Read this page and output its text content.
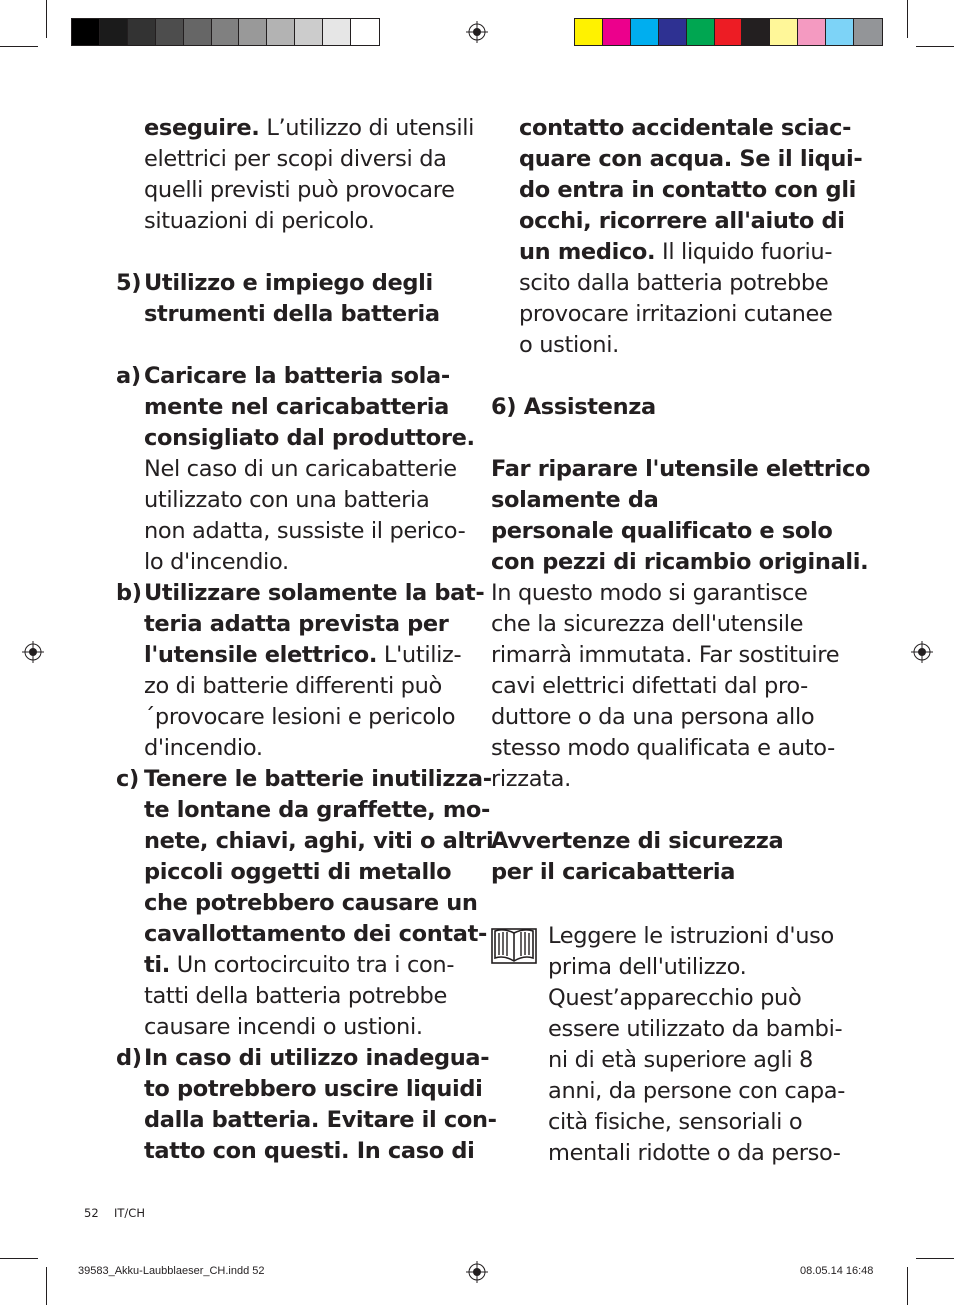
eseguire. L’utilizzo di utensili
elettrici per scopi diversi da
quelli previsti può provocare
situazioni di pericolo.
5) Utilizzo e impiego degli
strumenti della batteria
a) Caricare la batteria sola-
mente nel caricabatteria
consigliato dal produttore.
Nel caso di un caricabatterie
utilizzato con una batteria
non adatta, sussiste il perico-
lo d'incendio.
b) Utilizzare solamente la bat-
teria adatta prevista per
l'utensile elettrico. L'utiliz-
zo di batterie differenti può
´provocare lesioni e pericolo
d'incendio.
c) Tenere le batterie inutilizza-
te lontane da graffette, mo-
nete, chiavi, aghi, viti o altri
piccoli oggetti di metallo
che potrebbero causare un
cavallottamento dei contat-
ti. Un cortocircuito tra i con-
tatti della batteria potrebbe
causare incendi o ustioni.
d) In caso di utilizzo inadegua-
to potrebbero uscire liquidi
dalla batteria. Evitare il con-
tatto con questi. In caso di
contatto accidentale sciac-
quare con acqua. Se il liqui-
do entra in contatto con gli
occhi, ricorrere all'aiuto di
un medico. Il liquido fuoriu-
scito dalla batteria potrebbe
provocare irritazioni cutanee
o ustioni.
6) Assistenza
Far riparare l'utensile elettrico
solamente da
personale qualificato e solo
con pezzi di ricambio originali.
In questo modo si garantisce
che la sicurezza dell'utensile
rimarrà immutata. Far sostituire
cavi elettrici difettati dal pro-
duttore o da una persona allo
stesso modo qualificata e auto-
rizzata.
Avvertenze di sicurezza
per il caricabatteria
Leggere le istruzioni d'uso
prima dell'utilizzo.
Quest’apparecchio può
essere utilizzato da bambi-
ni di età superiore agli 8
anni, da persone con capa-
cità fisiche, sensoriali o
mentali ridotte o da perso-
52 IT/CH
39583_Akku-Laubblaeser_CH.indd 52	08.05.14 16:48
